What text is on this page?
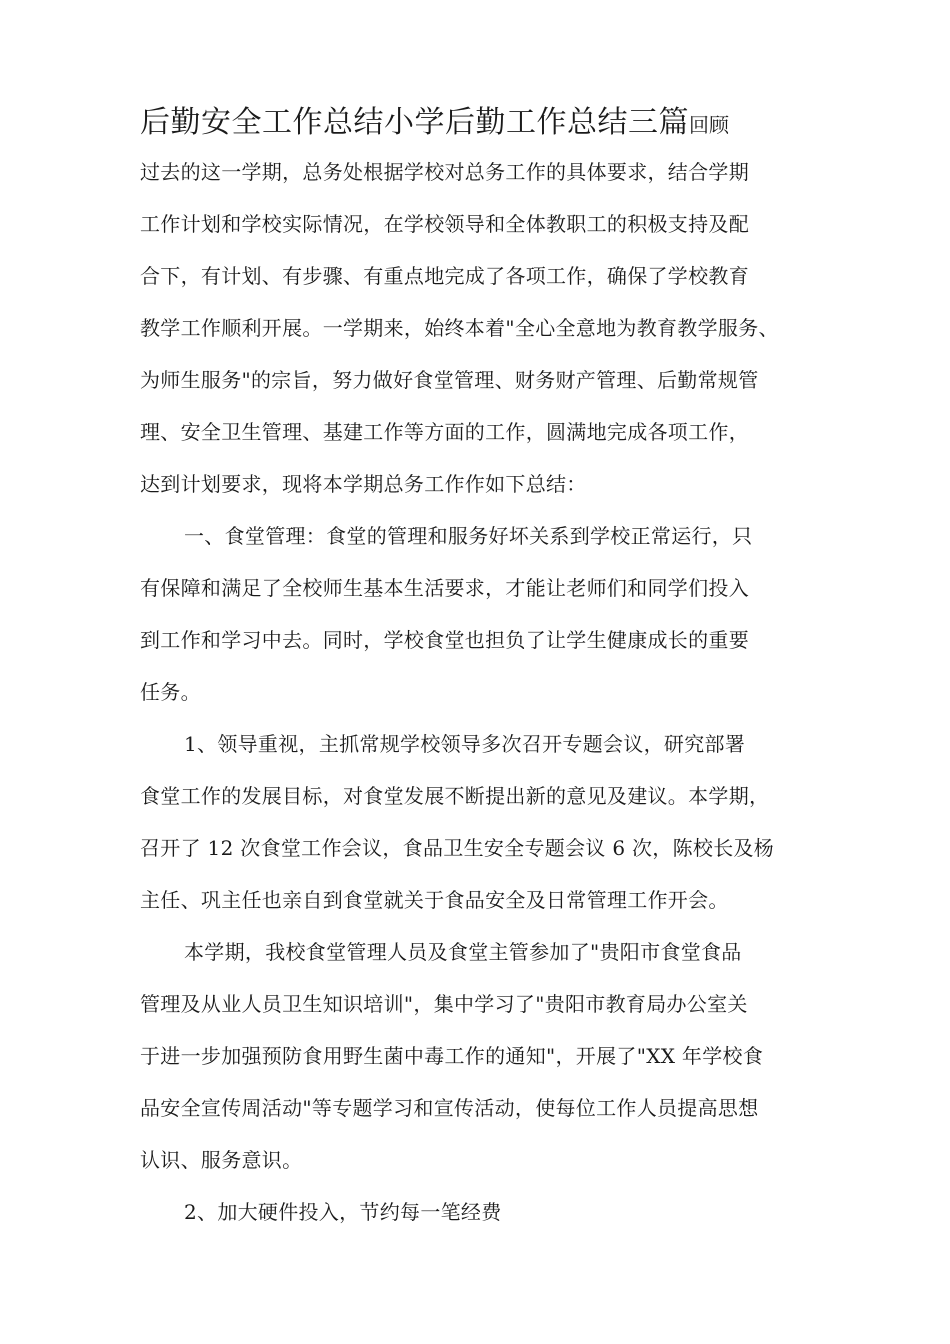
后勤安全工作总结小学后勤工作总结三篇回顾
过去的这一学期，总务处根据学校对总务工作的具体要求，结合学期
工作计划和学校实际情况，在学校领导和全体教职工的积极支持及配
合下，有计划、有步骤、有重点地完成了各项工作，确保了学校教育
教学工作顺利开展。一学期来，始终本着"全心全意地为教育教学服务、
为师生服务"的宗旨，努力做好食堂管理、财务财产管理、后勤常规管
理、安全卫生管理、基建工作等方面的工作，圆满地完成各项工作，
达到计划要求，现将本学期总务工作作如下总结：
一、食堂管理：食堂的管理和服务好坏关系到学校正常运行，只
有保障和满足了全校师生基本生活要求，才能让老师们和同学们投入
到工作和学习中去。同时，学校食堂也担负了让学生健康成长的重要
任务。
1、领导重视，主抓常规学校领导多次召开专题会议，研究部署
食堂工作的发展目标，对食堂发展不断提出新的意见及建议。本学期，
召开了 12 次食堂工作会议，食品卫生安全专题会议 6 次，陈校长及杨
主任、巩主任也亲自到食堂就关于食品安全及日常管理工作开会。
本学期，我校食堂管理人员及食堂主管参加了"贵阳市食堂食品
管理及从业人员卫生知识培训"，集中学习了"贵阳市教育局办公室关
于进一步加强预防食用野生菌中毒工作的通知"，开展了"XX 年学校食
品安全宣传周活动"等专题学习和宣传活动，使每位工作人员提高思想
认识、服务意识。
2、加大硬件投入，节约每一笔经费
